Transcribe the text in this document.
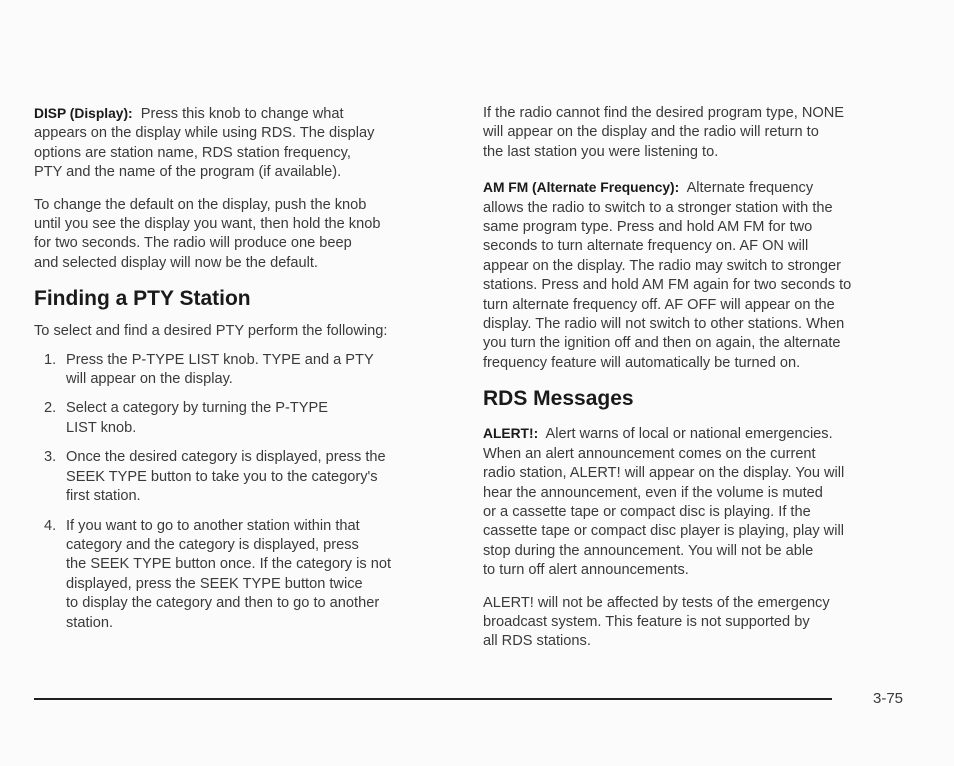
DISP (Display): Press this knob to change what
appears on the display while using RDS. The display
options are station name, RDS station frequency,
PTY and the name of the program (if available).

To change the default on the display, push the knob
until you see the display you want, then hold the knob
for two seconds. The radio will produce one beep
and selected display will now be the default.

Finding a PTY Station

To select and find a desired PTY perform the following:

1. Press the P-TYPE LIST knob. TYPE and a PTY
will appear on the display.
2. Select a category by turning the P-TYPE
LIST knob.
3. Once the desired category is displayed, press the
SEEK TYPE button to take you to the category's
first station.
4. If you want to go to another station within that
category and the category is displayed, press
the SEEK TYPE button once. If the category is not
displayed, press the SEEK TYPE button twice
to display the category and then to go to another
station.

If the radio cannot find the desired program type, NONE
will appear on the display and the radio will return to
the last station you were listening to.

AM FM (Alternate Frequency): Alternate frequency
allows the radio to switch to a stronger station with the
same program type. Press and hold AM FM for two
seconds to turn alternate frequency on. AF ON will
appear on the display. The radio may switch to stronger
stations. Press and hold AM FM again for two seconds to
turn alternate frequency off. AF OFF will appear on the
display. The radio will not switch to other stations. When
you turn the ignition off and then on again, the alternate
frequency feature will automatically be turned on.

RDS Messages

ALERT!: Alert warns of local or national emergencies.
When an alert announcement comes on the current
radio station, ALERT! will appear on the display. You will
hear the announcement, even if the volume is muted
or a cassette tape or compact disc is playing. If the
cassette tape or compact disc player is playing, play will
stop during the announcement. You will not be able
to turn off alert announcements.

ALERT! will not be affected by tests of the emergency
broadcast system. This feature is not supported by
all RDS stations.

3-75
